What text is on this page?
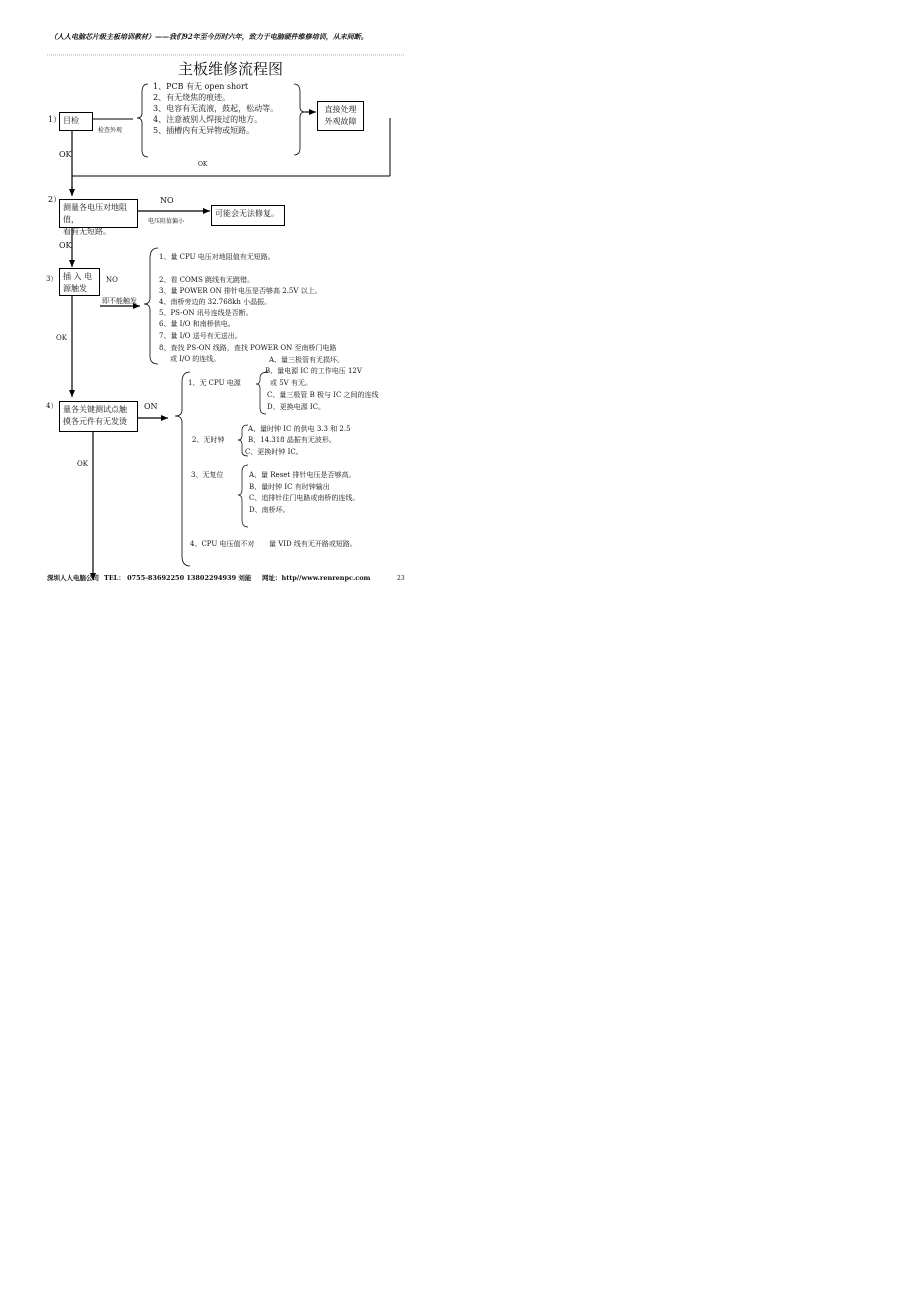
（人人电脑芯片级主板培训教材）——我们92年至今历时六年，致力于电脑硬件维修培训，从未间断。
主板维修流程图
1） 目检
检查外观
1、PCB 有无 open short
2、有无烧焦的痕迹。
3、电容有无流液，鼓起，松动等。
4、注意被别人焊接过的地方。
5、插槽内有无异物或短路。
直接处理
外观故障
OK
OK
2）
测量各电压对地阻值，
看有无短路。
NO
电压阻值偏小
可能会无法修复。
OK
3） 插 入 电
源触发
NO
即不能触发
1、量 CPU 电压对地阻值有无短路。
2、看 COMS 跳线有无跳错。
3、量 POWER ON 排针电压是否够高 2.5V 以上。
4、南桥旁边的 32.768kh 小晶振。
5、PS-ON 讯号连线是否断。
6、量 I/O 和南桥供电。
7、量 I/O 送号有无送出。
8、查找 PS-ON 线路，查找 POWER ON 至南桥门电路
或 I/O 的连线。
OK
4） 量各关键测试点触
摸各元件有无发烫
ON
OK
1、无 CPU 电源
A、量三极管有无损坏。
B、量电源 IC 的工作电压 12V
或 5V 有无。
C、量三极管 B 极与 IC 之间的连线
D、更换电源 IC。
2、无时钟
A、量时钟 IC 的供电 3.3 和 2.5
B、14.318 晶振有无波形。
C、更换时钟 IC。
3、无复位	A、量 Reset 排针电压是否够高。
B、量时钟 IC 有时钟输出
C、追排针往门电路或南桥的连线。
D、南桥坏。
4、CPU 电压值不对 量 VID 线有无开路或短路。
深圳人人电脑公司 TEL： 0755-83692250 13802294939 刘能 网址：http//www.renrenpc.com	23
